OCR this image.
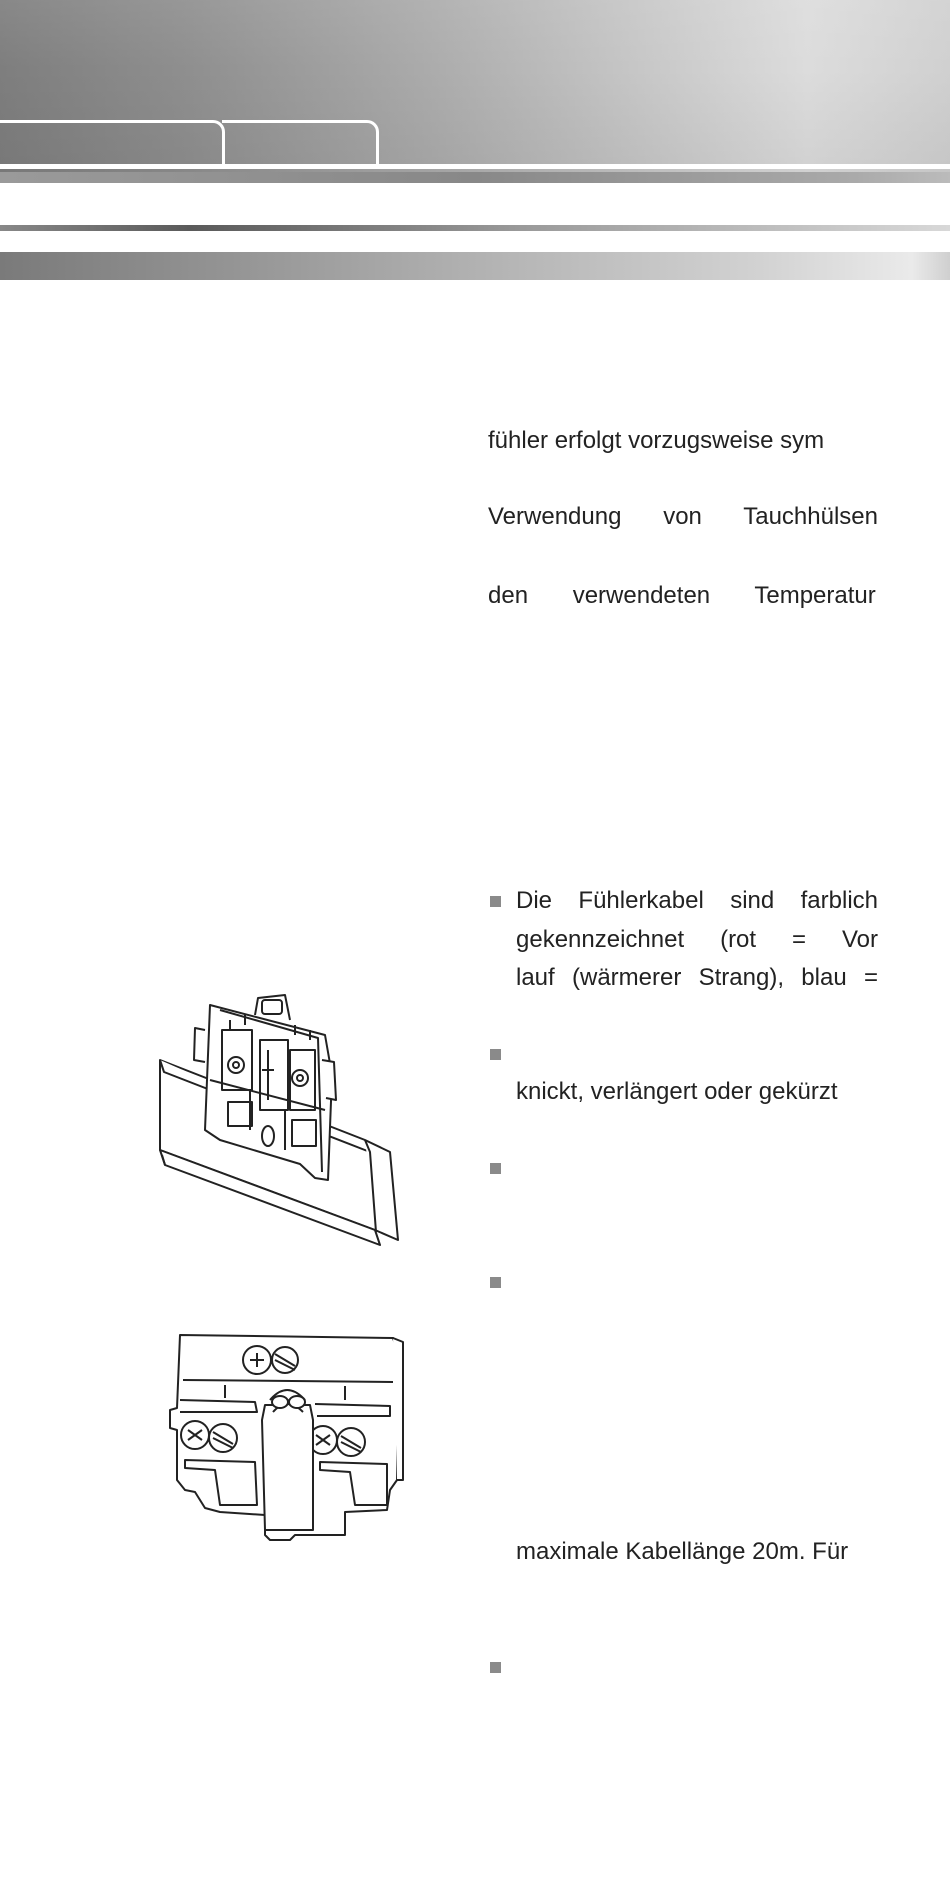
fühler erfolgt vorzugsweise sym
Verwendung von Tauchhülsen
den verwendeten Temperatur
Die Fühlerkabel sind farblich
gekennzeichnet (rot = Vor
lauf (wärmerer Strang), blau =
knickt, verlängert oder gekürzt
maximale Kabellänge 20m. Für
